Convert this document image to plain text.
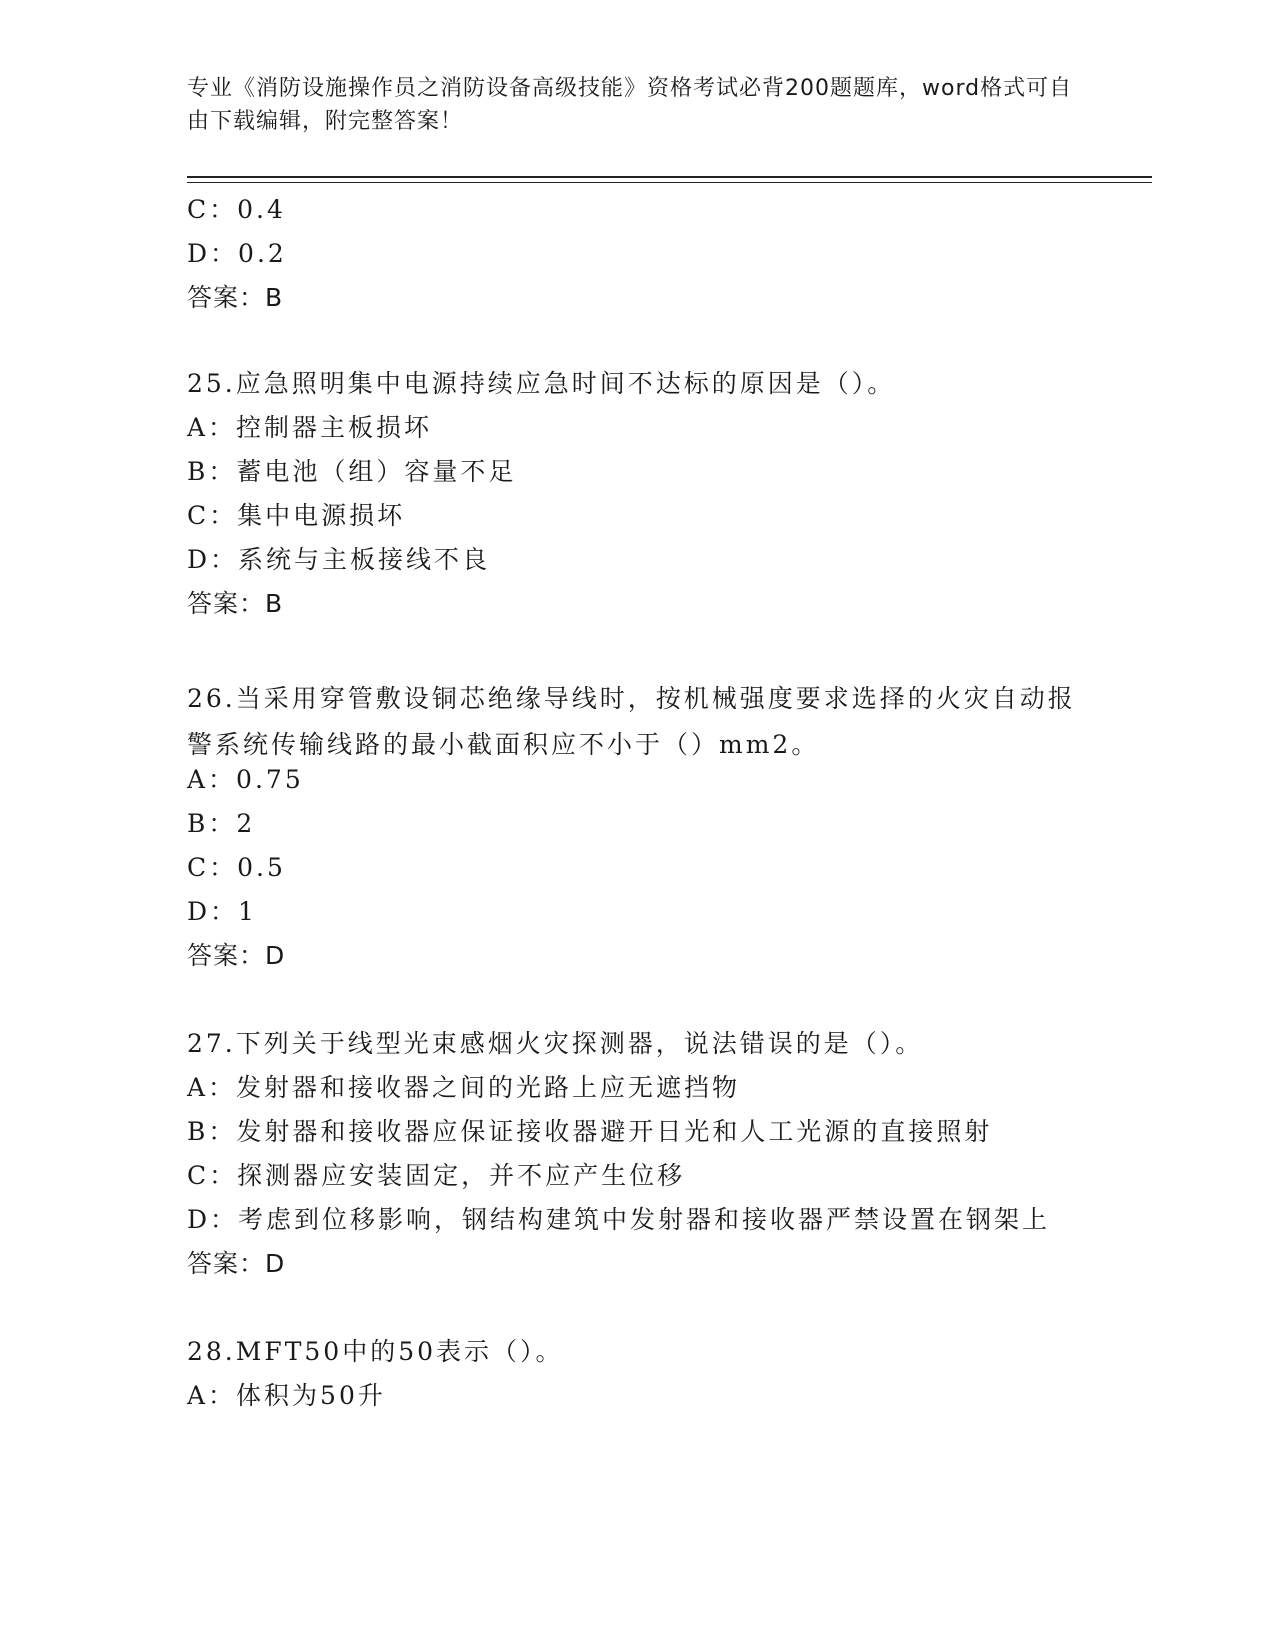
专业《消防设施操作员之消防设备高级技能》资格考试必背200题题库，word格式可自由下载编辑，附完整答案！
C：0.4
D：0.2
答案：B
25.应急照明集中电源持续应急时间不达标的原因是（）。
A：控制器主板损坏
B：蓄电池（组）容量不足
C：集中电源损坏
D：系统与主板接线不良
答案：B
26.当采用穿管敷设铜芯绝缘导线时，按机械强度要求选择的火灾自动报警系统传输线路的最小截面积应不小于（）mm2。
A：0.75
B：2
C：0.5
D：1
答案：D
27.下列关于线型光束感烟火灾探测器，说法错误的是（）。
A：发射器和接收器之间的光路上应无遮挡物
B：发射器和接收器应保证接收器避开日光和人工光源的直接照射
C：探测器应安装固定，并不应产生位移
D：考虑到位移影响，钢结构建筑中发射器和接收器严禁设置在钢架上
答案：D
28.MFT50中的50表示（）。
A：体积为50升
